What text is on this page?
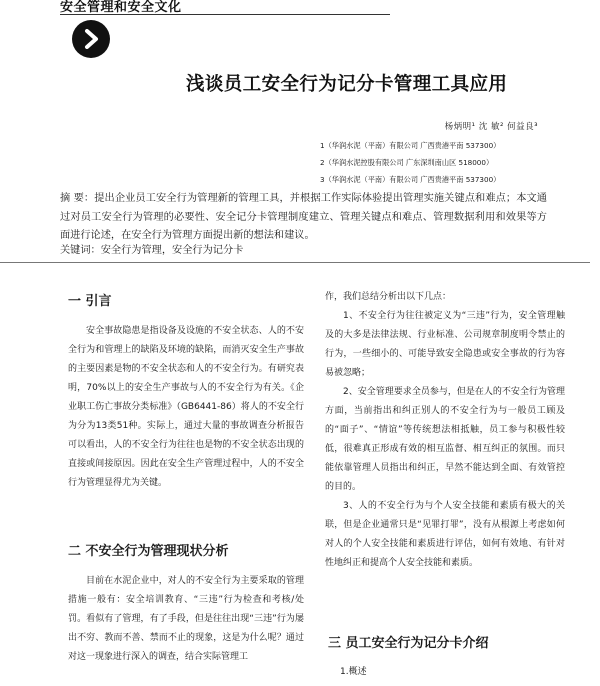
安全管理和安全文化
浅谈员工安全行为记分卡管理工具应用
杨炳明¹ 沈 敏² 何益良³
1（华润水泥（平南）有限公司 广西贵港平南 537300）
2（华润水泥控股有限公司 广东深圳南山区 518000）
3（华润水泥（平南）有限公司 广西贵港平南 537300）
摘 要：提出企业员工安全行为管理新的管理工具，并根据工作实际体验提出管理实施关键点和难点；本文通过对员工安全行为管理的必要性、安全记分卡管理制度建立、管理关键点和难点、管理数据利用和效果等方面进行论述，在安全行为管理方面提出新的想法和建议。
关键词：安全行为管理，安全行为记分卡
一 引言

安全事故隐患是指设备及设施的不安全状态、人的不安全行为和管理上的缺陷及环境的缺陷，而消灭安全生产事故的主要因素是物的不安全状态和人的不安全行为。有研究表明，70%以上的安全生产事故与人的不安全行为有关。《企业职工伤亡事故分类标准》（GB6441-86）将人的不安全行为分为13类51种。实际上，通过大量的事故调查分析报告可以看出，人的不安全行为往往也是物的不安全状态出现的直接或间接原因。因此在安全生产管理过程中，人的不安全行为管理显得尤为关键。

二 不安全行为管理现状分析

目前在水泥企业中，对人的不安全行为主要采取的管理措施一般有：安全培训教育、“三违”行为检查和考核/处罚。看似有了管理，有了手段，但是往往出现“三违”行为屡出不穷、教而不善、禁而不止的现象，这是为什么呢？通过对这一现象进行深入的调查，结合实际管理工

作，我们总结分析出以下几点：

1、不安全行为往往被定义为“三违”行为，安全管理触及的大多是法律法规、行业标准、公司规章制度明令禁止的行为，一些细小的、可能导致安全隐患或安全事故的行为容易被忽略；

2、安全管理要求全员参与，但是在人的不安全行为管理方面，当前指出和纠正别人的不安全行为与一般员工顾及的“面子”、“情谊”等传统想法相抵触，员工参与积极性较低，很难真正形成有效的相互监督、相互纠正的氛围。而只能依靠管理人员指出和纠正，早然不能达到全面、有效管控的目的。

3、人的不安全行为与个人安全技能和素质有极大的关联，但是企业通常只是“见罪打罪”，没有从根源上考虑如何对人的个人安全技能和素质进行评估，如何有效地、有针对性地纠正和提高个人安全技能和素质。

三 员工安全行为记分卡介绍
1.概述
